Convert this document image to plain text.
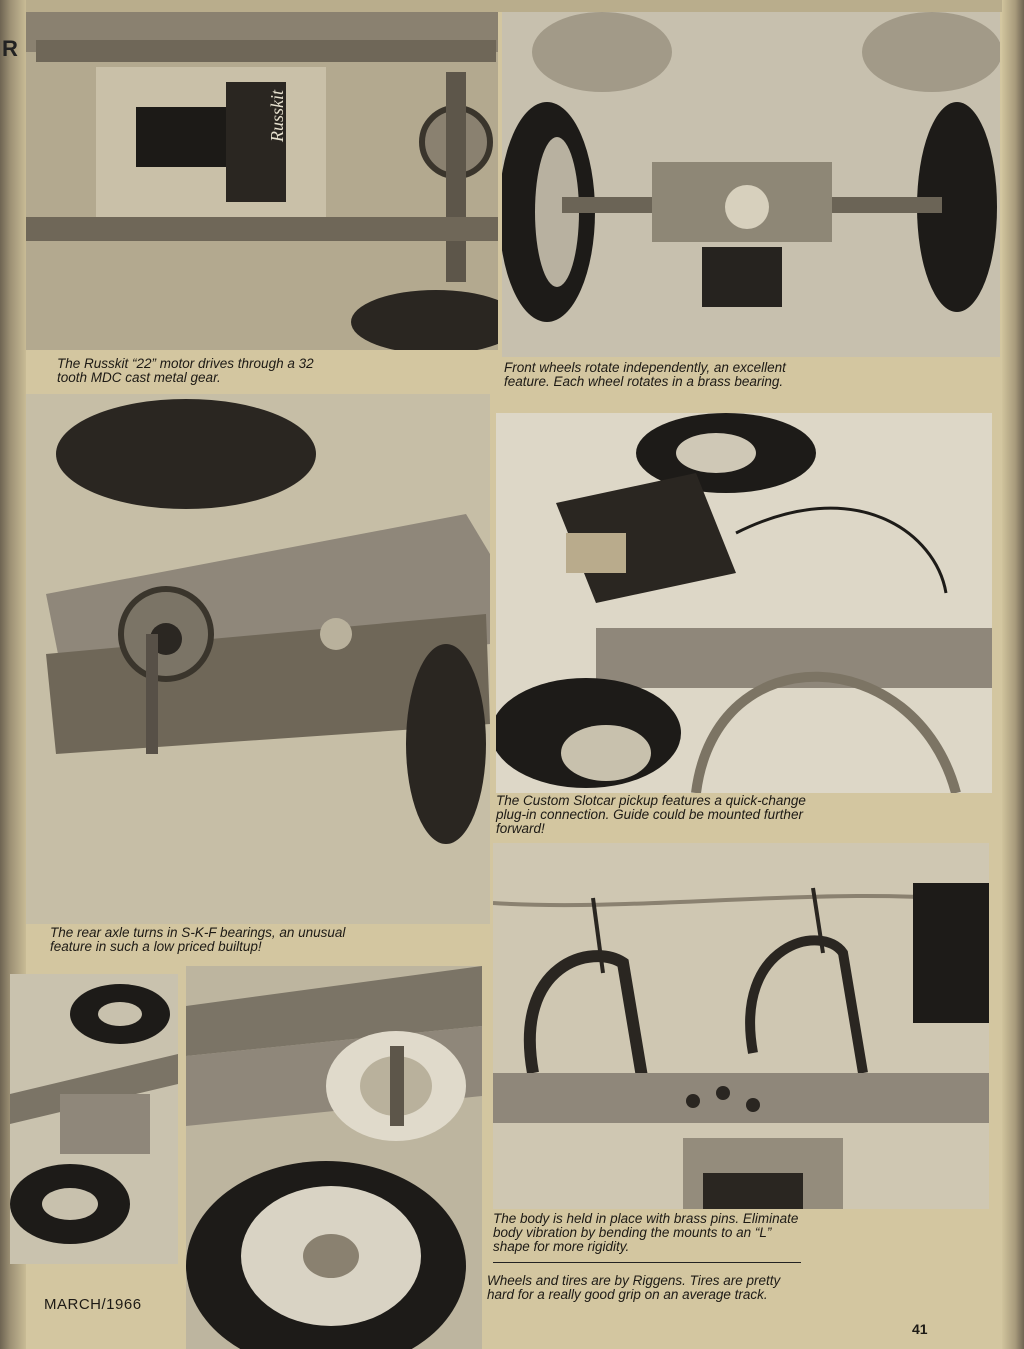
R
Russkit
The Russkit “22” motor drives through a 32 tooth MDC cast metal gear.
Front wheels rotate independently, an excellent feature. Each wheel rotates in a brass bearing.
The Custom Slotcar pickup features a quick-change plug-in connection. Guide could be mounted further forward!
The rear axle turns in S-K-F bearings, an unusual feature in such a low priced builtup!
The body is held in place with brass pins. Eliminate body vibration by bending the mounts to an “L” shape for more rigidity.
Wheels and tires are by Riggens. Tires are pretty hard for a really good grip on an average track.
MARCH/1966
41
